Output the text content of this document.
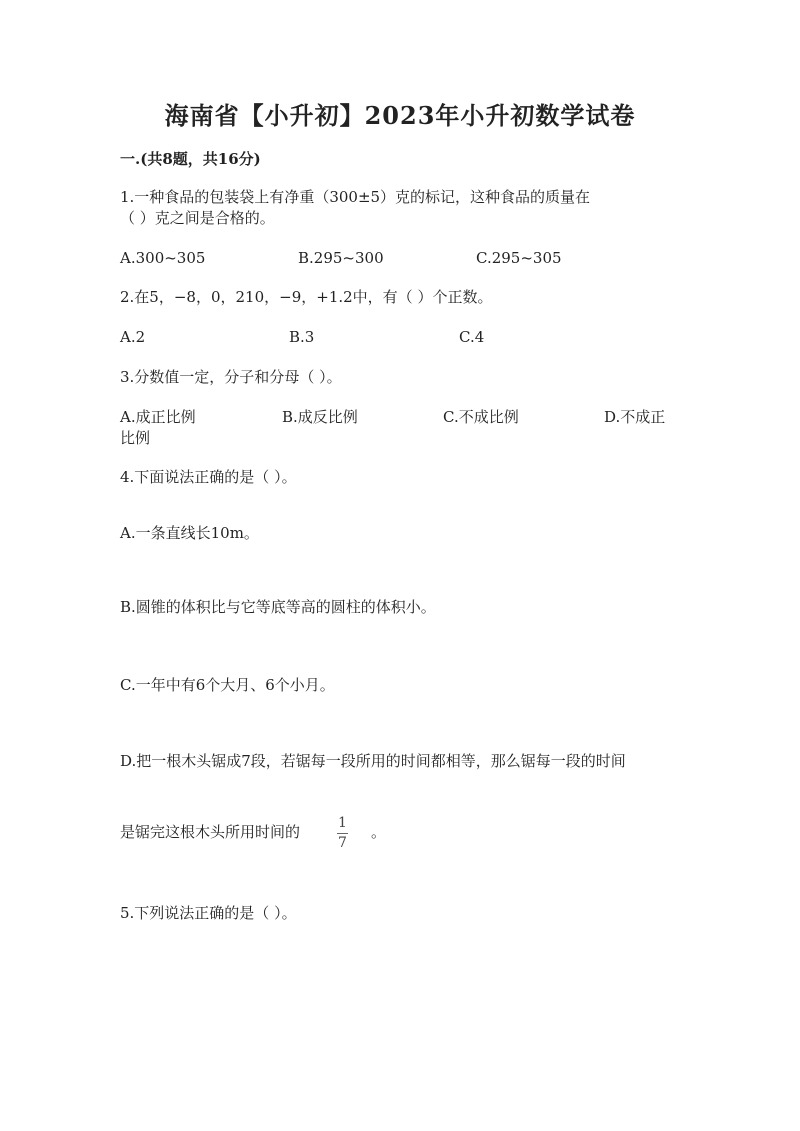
海南省【小升初】2023年小升初数学试卷
一.(共8题，共16分)
1.一种食品的包装袋上有净重（300±5）克的标记，这种食品的质量在
（ ）克之间是合格的。
A.300~305	B.295~300	C.295~305
2.在5，−8，0，210，−9，+1.2中，有（ ）个正数。
A.2	B.3	C.4
3.分数值一定，分子和分母（ ）。
A.成正比例	B.成反比例	C.不成比例	D.不成正
比例
4.下面说法正确的是（ ）。
A.一条直线长10m。
B.圆锥的体积比与它等底等高的圆柱的体积小。
C.一年中有6个大月、6个小月。
D.把一根木头锯成7段，若锯每一段所用的时间都相等，那么锯每一段的时间
是锯完这根木头所用时间的	1
7
。
5.下列说法正确的是（ ）。
